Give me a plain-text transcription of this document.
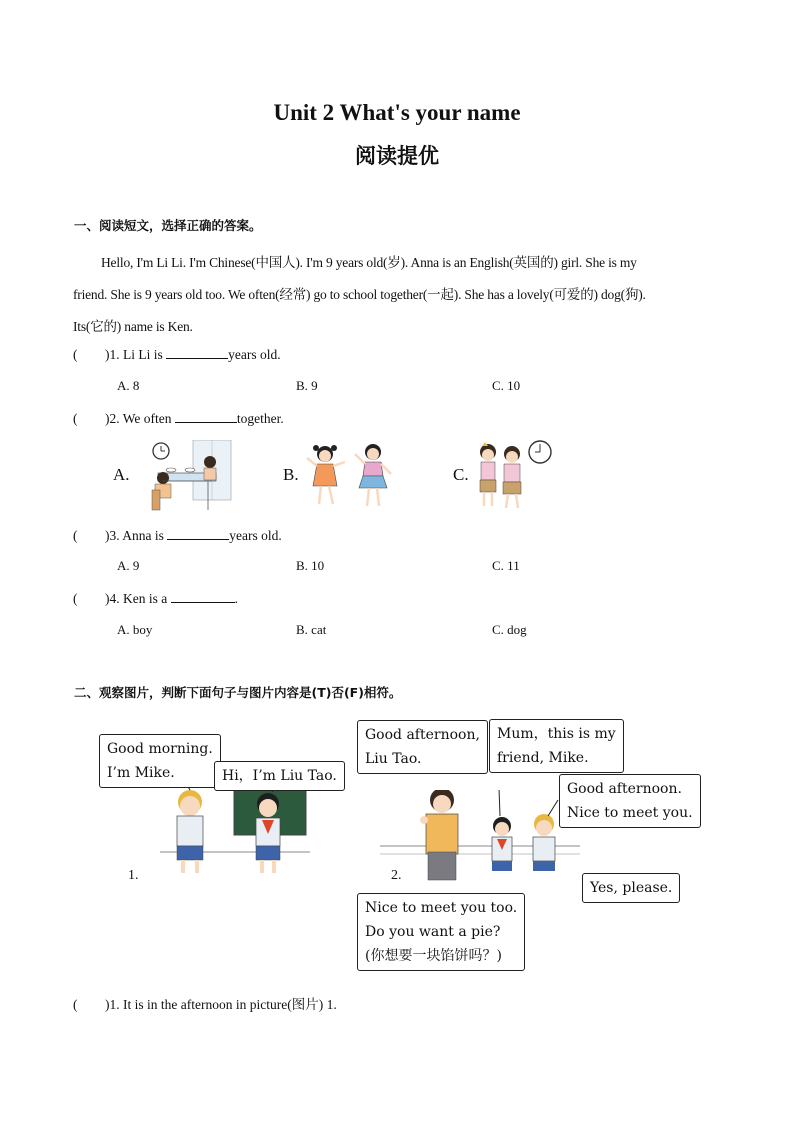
Unit 2 What's your name
阅读提优
一、阅读短文，选择正确的答案。
Hello, I'm Li Li. I'm Chinese(中国人). I'm 9 years old(岁). Anna is an English(英国的) girl. She is my
friend. She is 9 years old too. We often(经常) go to school together(一起). She has a lovely(可爱的) dog(狗).
Its(它的) name is Ken.
( )1. Li Li is	years old.
A. 8	B. 9	C. 10
( )2. We often	together.
A.	B.	C.
( )3. Anna is	years old.
A. 9	B. 10	C. 11
( )4. Ken is a	.
A. boy	B. cat	C. dog
二、观察图片，判断下面句子与图片内容是(T)否(F)相符。
1.
Good morning.
I’m Mike.	Hi，I’m Liu Tao.
2.
Good afternoon,
Liu Tao.
Mum，this is my
friend, Mike.
Good afternoon.
Nice to meet you.
Yes, please.
Nice to meet you too.
Do you want a pie?
(你想要一块馅饼吗？)
( )1. It is in the afternoon in picture(图片) 1.
